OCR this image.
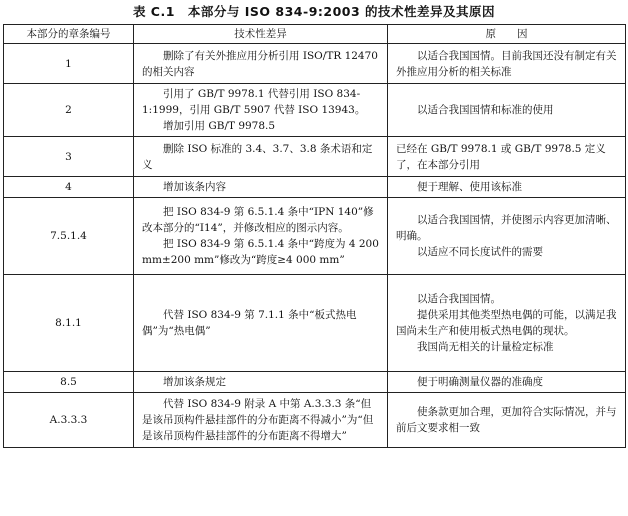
表 C.1　本部分与 ISO 834-9:2003 的技术性差异及其原因
本部分的章条编号	技术性差异	原　　因
1	删除了有关外推应用分析引用 ISO/TR 12470 的相关内容	以适合我国国情。目前我国还没有制定有关外推应用分析的相关标准

2	引用了 GB/T 9978.1 代替引用 ISO 834-1:1999，引用 GB/T 5907 代替 ISO 13943。
增加引用 GB/T 9978.5	以适合我国国情和标准的使用

3	删除 ISO 标准的 3.4、3.7、3.8 条术语和定义	已经在 GB/T 9978.1 或 GB/T 9978.5 定义了，在本部分引用

4	增加该条内容	便于理解、使用该标准

7.5.1.4	把 ISO 834-9 第 6.5.1.4 条中“IPN 140”修改本部分的“I14”，并修改相应的图示内容。
把 ISO 834-9 第 6.5.1.4 条中“跨度为 4 200 mm±200 mm”修改为“跨度≥4 000 mm”	以适合我国国情，并使图示内容更加清晰、明确。
以适应不同长度试件的需要

8.1.1	代替 ISO 834-9 第 7.1.1 条中“板式热电偶”为“热电偶”	以适合我国国情。
提供采用其他类型热电偶的可能，以满足我国尚未生产和使用板式热电偶的现状。
我国尚无相关的计量检定标准

8.5	增加该条规定	便于明确测量仪器的准确度

A.3.3.3	代替 ISO 834-9 附录 A 中第 A.3.3.3 条“但是该吊顶构件悬挂部件的分布距离不得减小”为“但是该吊顶构件悬挂部件的分布距离不得增大”	使条款更加合理，更加符合实际情况，并与前后文要求相一致
